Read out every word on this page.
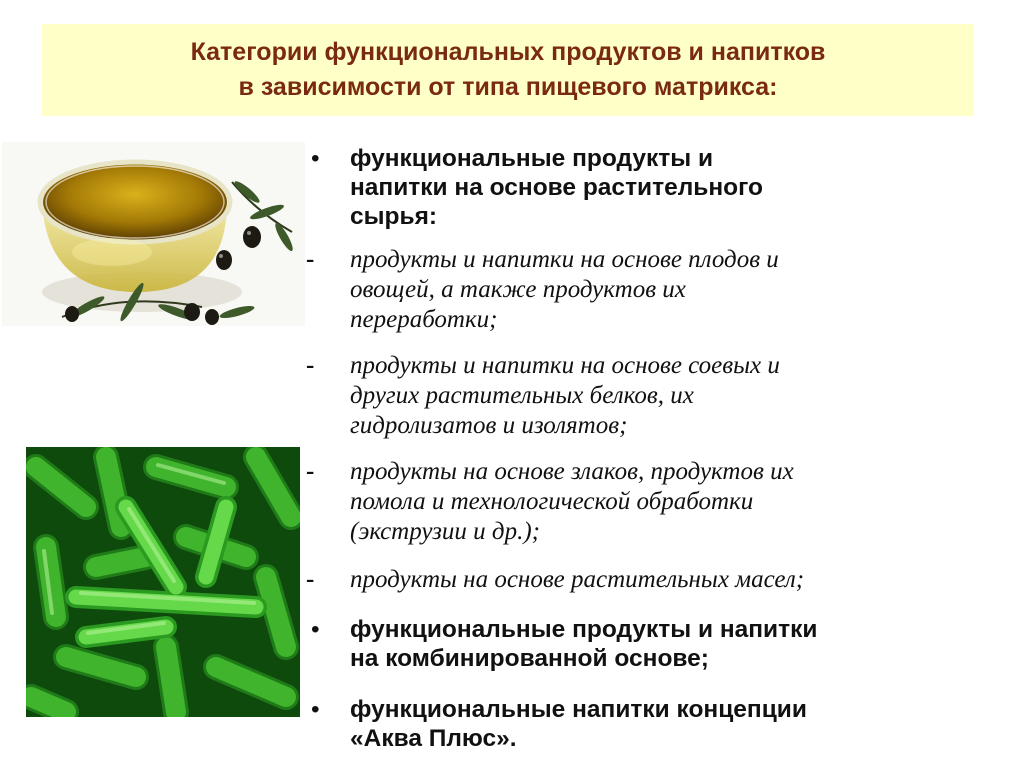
Категории функциональных продуктов и напитков
в зависимости от типа пищевого матрикса:
• функциональные продукты и
напитки на основе растительного
сырья:
- продукты и напитки на основе плодов и
овощей, а также продуктов их
переработки;
- продукты и напитки на основе соевых и
других растительных белков, их
гидролизатов и изолятов;
- продукты на основе злаков, продуктов их
помола и технологической обработки
(экструзии и др.);
- продукты на основе растительных масел;
• функциональные продукты и напитки
на комбинированной основе;
• функциональные напитки концепции
«Аква Плюс».
